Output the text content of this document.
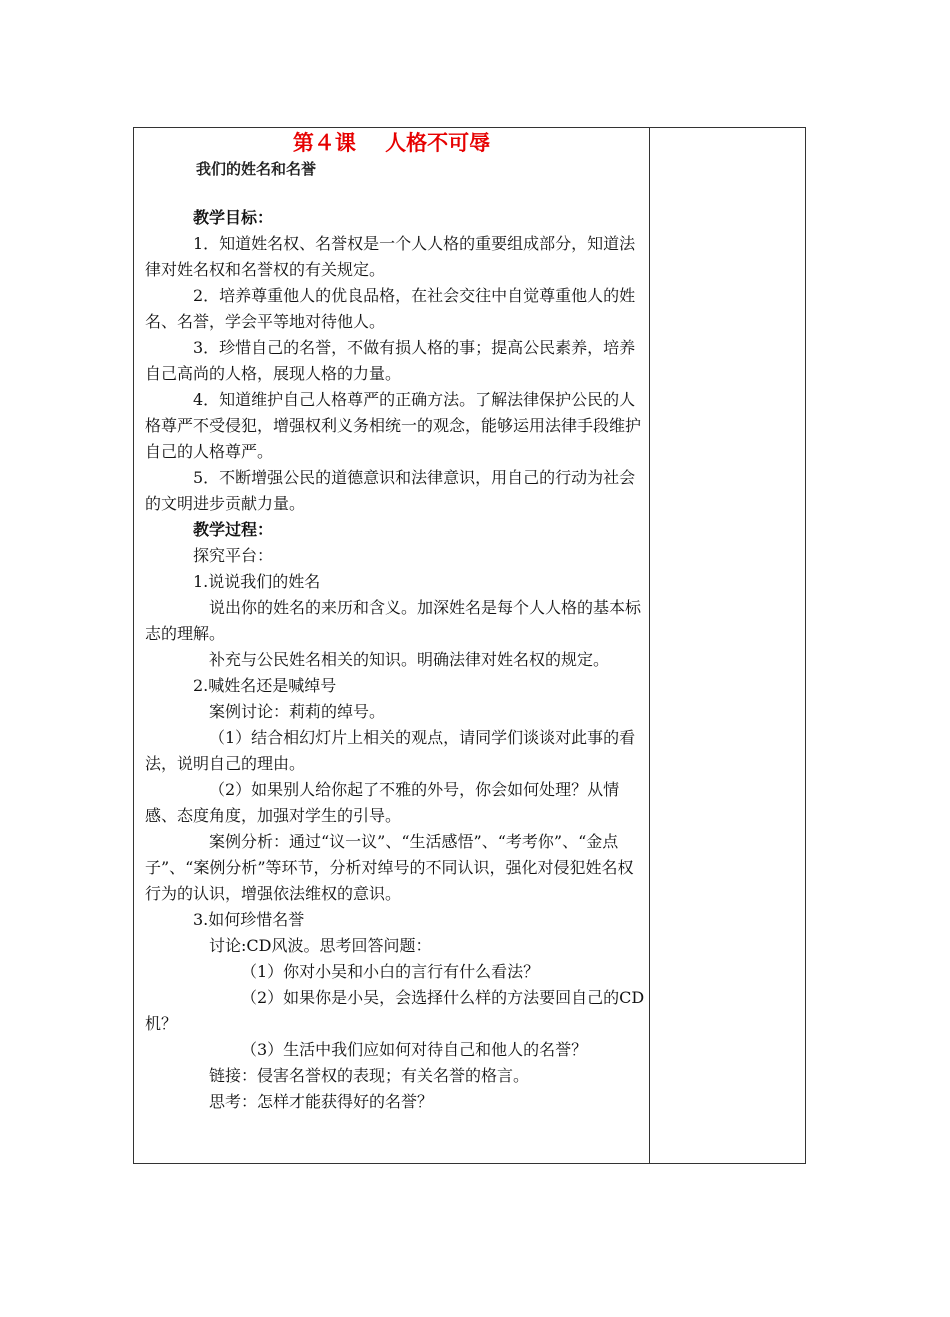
第４课    人格不可辱
我们的姓名和名誉

教学目标：

1．知道姓名权、名誉权是一个人人格的重要组成部分，知道法律对姓名权和名誉权的有关规定。

2．培养尊重他人的优良品格，在社会交往中自觉尊重他人的姓名、名誉，学会平等地对待他人。

3．珍惜自己的名誉，不做有损人格的事；提高公民素养，培养自己高尚的人格，展现人格的力量。

4．知道维护自己人格尊严的正确方法。了解法律保护公民的人格尊严不受侵犯，增强权利义务相统一的观念，能够运用法律手段维护自己的人格尊严。

5．不断增强公民的道德意识和法律意识，用自己的行动为社会的文明进步贡献力量。

教学过程：

探究平台：

1.说说我们的姓名

说出你的姓名的来历和含义。加深姓名是每个人人格的基本标志的理解。

补充与公民姓名相关的知识。明确法律对姓名权的规定。

2.喊姓名还是喊绰号

案例讨论：莉莉的绰号。

（1）结合相幻灯片上相关的观点，请同学们谈谈对此事的看法，说明自己的理由。

（2）如果别人给你起了不雅的外号，你会如何处理？从情感、态度角度，加强对学生的引导。

案例分析：通过“议一议”、“生活感悟”、“考考你”、“金点子”、“案例分析”等环节，分析对绰号的不同认识，强化对侵犯姓名权行为的认识，增强依法维权的意识。

3.如何珍惜名誉

讨论:CD风波。思考回答问题：

（1）你对小吴和小白的言行有什么看法？

（2）如果你是小吴，会选择什么样的方法要回自己的CD机？

（3）生活中我们应如何对待自己和他人的名誉？

链接：侵害名誉权的表现；有关名誉的格言。

思考：怎样才能获得好的名誉？
